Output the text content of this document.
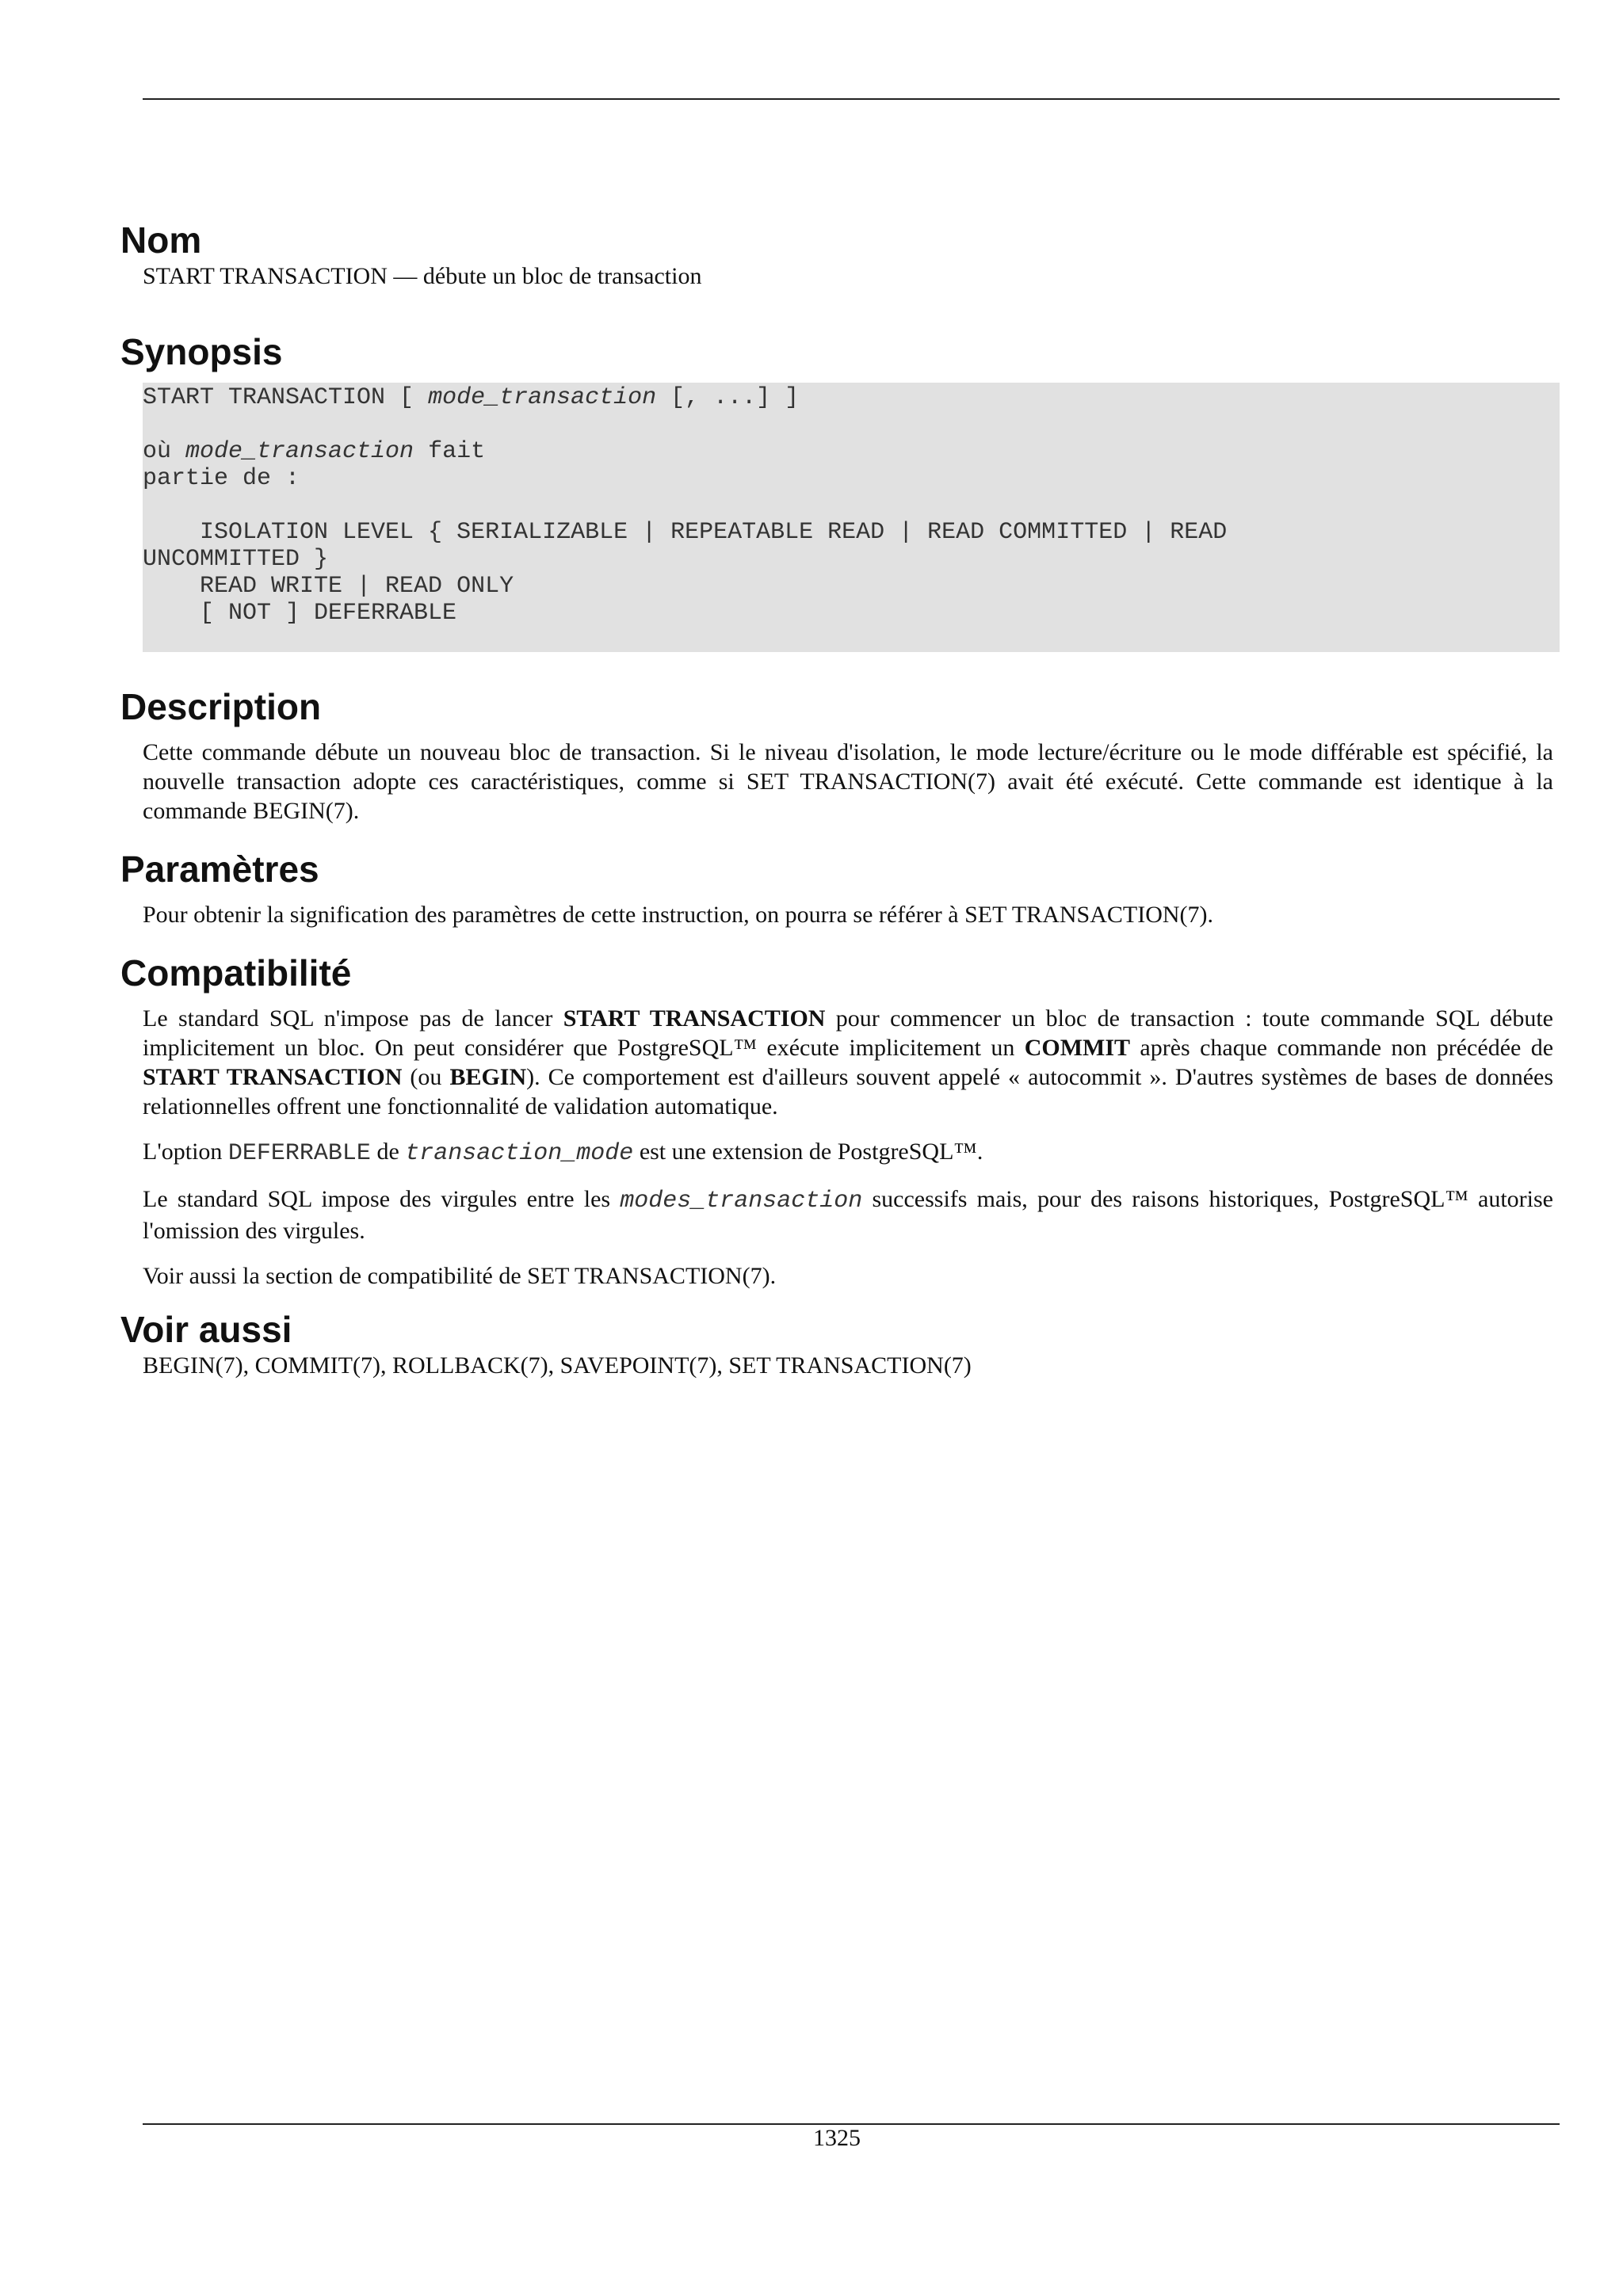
Nom

START TRANSACTION — débute un bloc de transaction

Synopsis
START TRANSACTION [ mode_transaction [, ...] ]
où mode_transaction fait
partie de :
ISOLATION LEVEL { SERIALIZABLE | REPEATABLE READ | READ COMMITTED | READ
UNCOMMITTED }
READ WRITE | READ ONLY
[ NOT ] DEFERRABLE
Description

Cette commande débute un nouveau bloc de transaction. Si le niveau d'isolation, le mode lecture/écriture ou le mode différable est spécifié, la nouvelle transaction adopte ces caractéristiques, comme si SET TRANSACTION(7) avait été exécuté. Cette commande est identique à la commande BEGIN(7).

Paramètres

Pour obtenir la signification des paramètres de cette instruction, on pourra se référer à SET TRANSACTION(7).

Compatibilité

Le standard SQL n'impose pas de lancer START TRANSACTION pour commencer un bloc de transaction : toute commande SQL débute implicitement un bloc. On peut considérer que PostgreSQL™ exécute implicitement un COMMIT après chaque commande non précédée de START TRANSACTION (ou BEGIN). Ce comportement est d'ailleurs souvent appelé « autocommit ». D'autres systèmes de bases de données relationnelles offrent une fonctionnalité de validation automatique.

L'option DEFERRABLE de transaction_mode est une extension de PostgreSQL™.

Le standard SQL impose des virgules entre les modes_transaction successifs mais, pour des raisons historiques, PostgreSQL™ autorise l'omission des virgules.

Voir aussi la section de compatibilité de SET TRANSACTION(7).

Voir aussi

BEGIN(7), COMMIT(7), ROLLBACK(7), SAVEPOINT(7), SET TRANSACTION(7)

1325
